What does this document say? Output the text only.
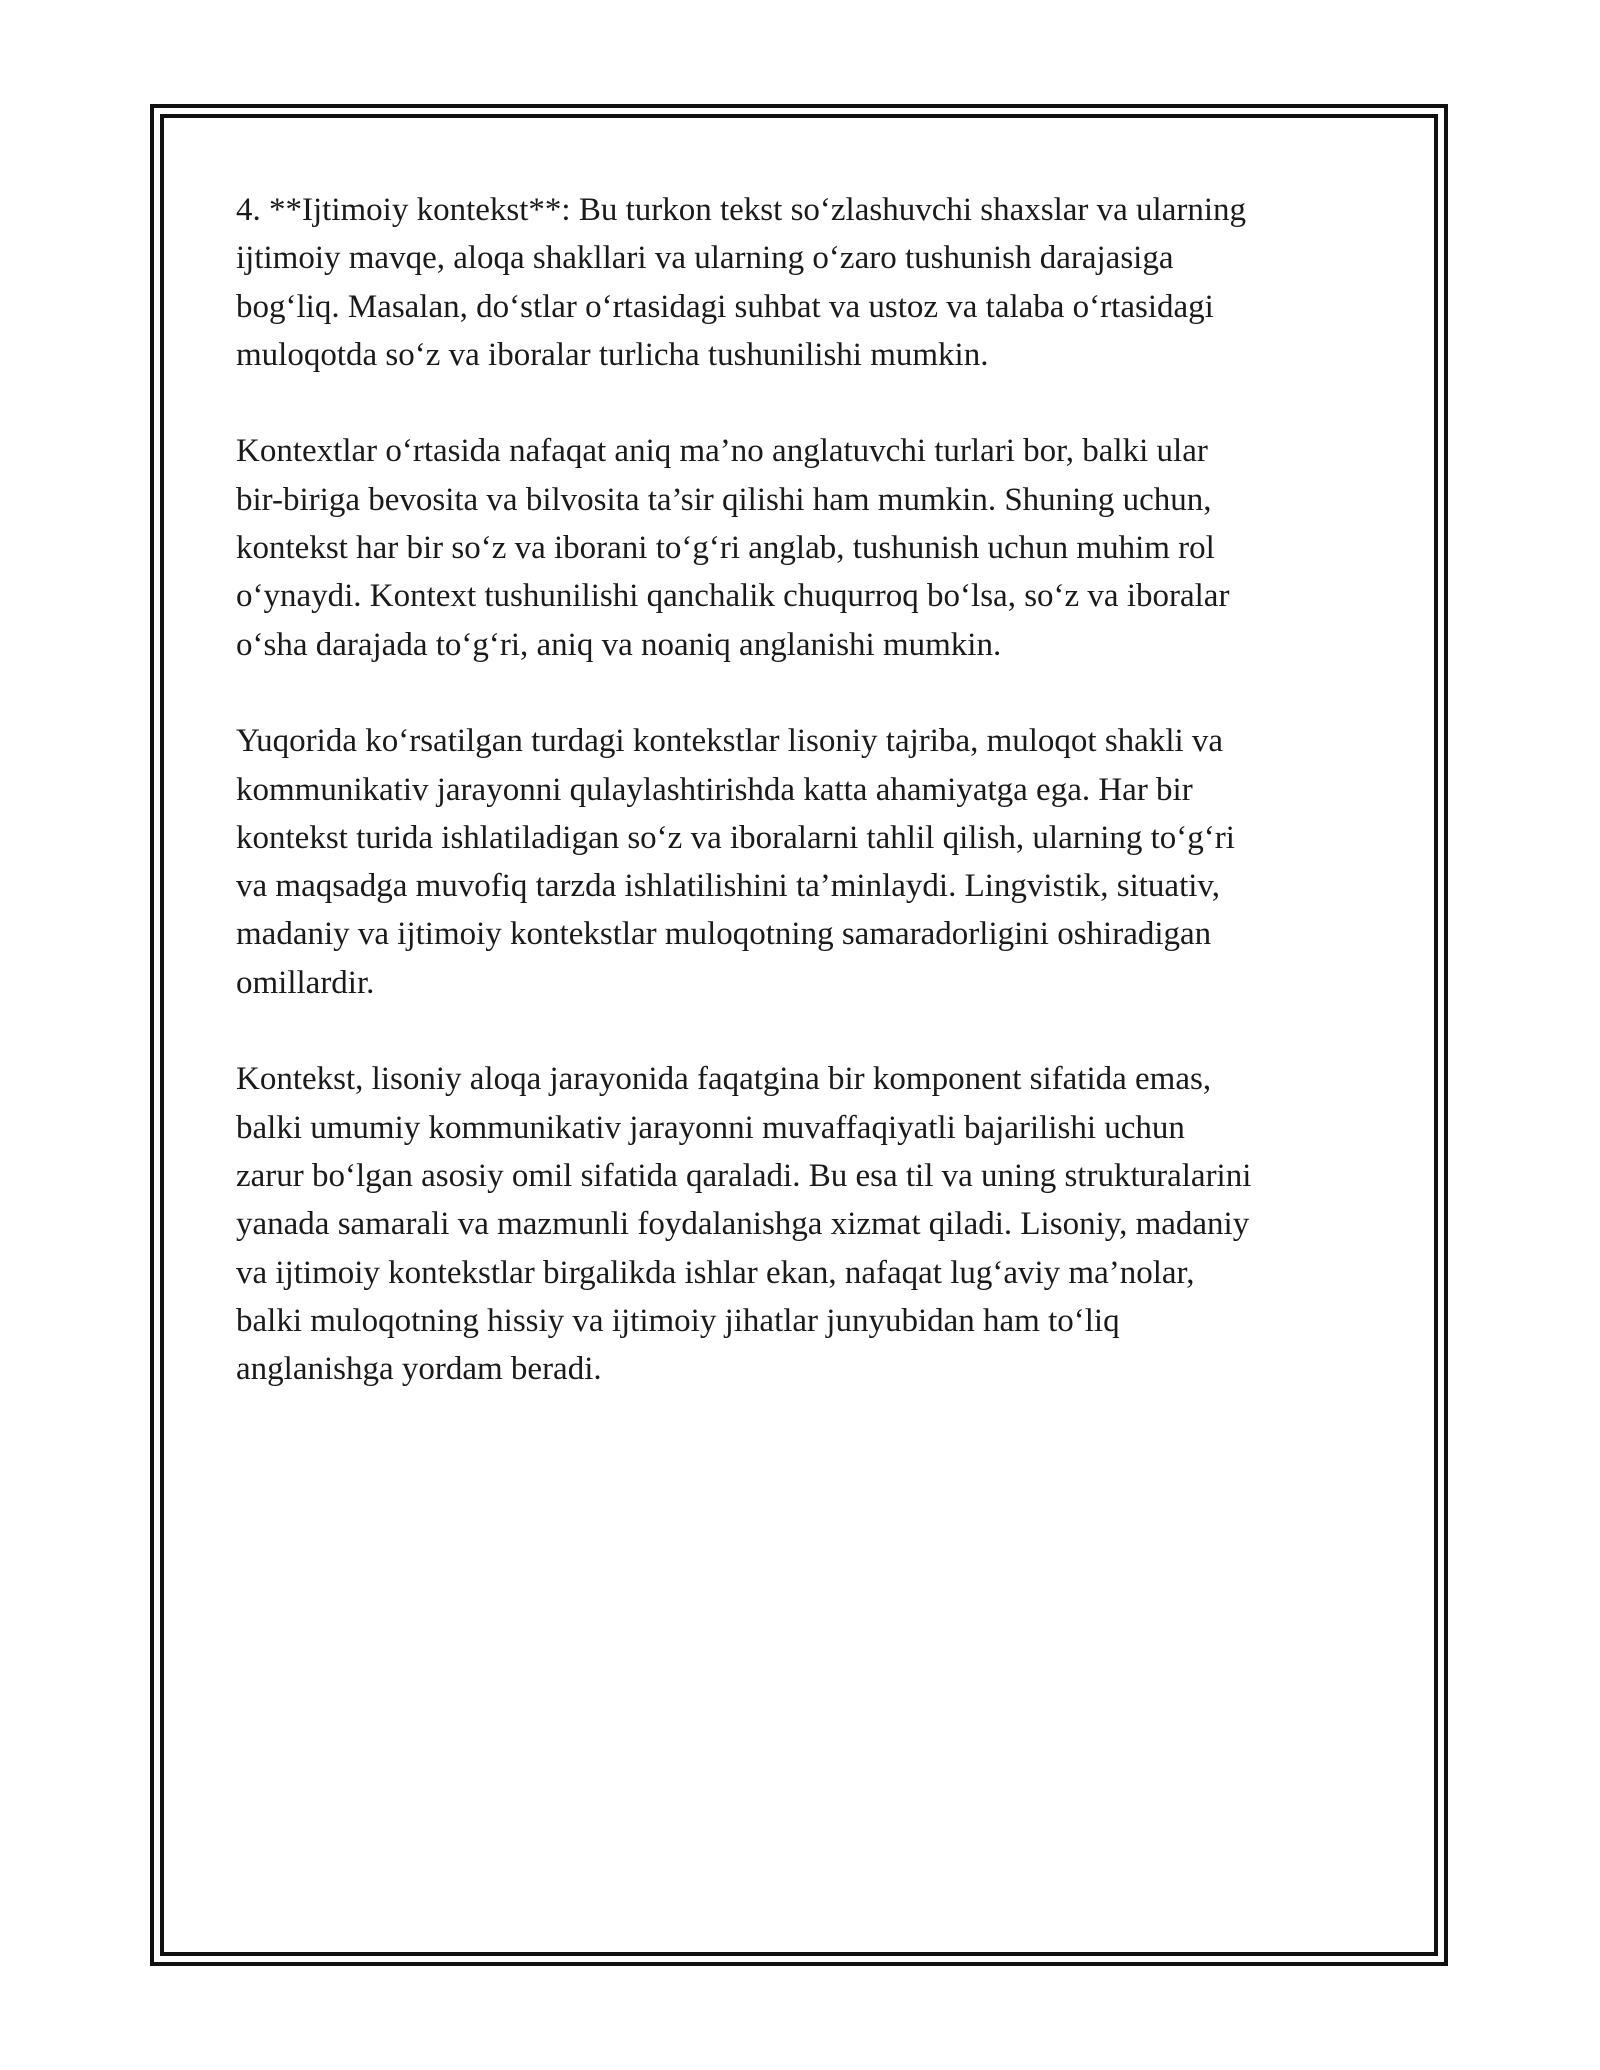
4. **Ijtimoiy kontekst**: Bu turkon tekst so‘zlashuvchi shaxslar va ularning
ijtimoiy mavqe, aloqa shakllari va ularning o‘zaro tushunish darajasiga
bog‘liq. Masalan, do‘stlar o‘rtasidagi suhbat va ustoz va talaba o‘rtasidagi
muloqotda so‘z va iboralar turlicha tushunilishi mumkin.

Kontextlar o‘rtasida nafaqat aniq ma’no anglatuvchi turlari bor, balki ular
bir-biriga bevosita va bilvosita ta’sir qilishi ham mumkin. Shuning uchun,
kontekst har bir so‘z va iborani to‘g‘ri anglab, tushunish uchun muhim rol
o‘ynaydi. Kontext tushunilishi qanchalik chuqurroq bo‘lsa, so‘z va iboralar
o‘sha darajada to‘g‘ri, aniq va noaniq anglanishi mumkin.

Yuqorida ko‘rsatilgan turdagi kontekstlar lisoniy tajriba, muloqot shakli va
kommunikativ jarayonni qulaylashtirishda katta ahamiyatga ega. Har bir
kontekst turida ishlatiladigan so‘z va iboralarni tahlil qilish, ularning to‘g‘ri
va maqsadga muvofiq tarzda ishlatilishini ta’minlaydi. Lingvistik, situativ,
madaniy va ijtimoiy kontekstlar muloqotning samaradorligini oshiradigan
omillardir.

Kontekst, lisoniy aloqa jarayonida faqatgina bir komponent sifatida emas,
balki umumiy kommunikativ jarayonni muvaffaqiyatli bajarilishi uchun
zarur bo‘lgan asosiy omil sifatida qaraladi. Bu esa til va uning strukturalarini
yanada samarali va mazmunli foydalanishga xizmat qiladi. Lisoniy, madaniy
va ijtimoiy kontekstlar birgalikda ishlar ekan, nafaqat lug‘aviy ma’nolar,
balki muloqotning hissiy va ijtimoiy jihatlar junyubidan ham to‘liq
anglanishga yordam beradi.
